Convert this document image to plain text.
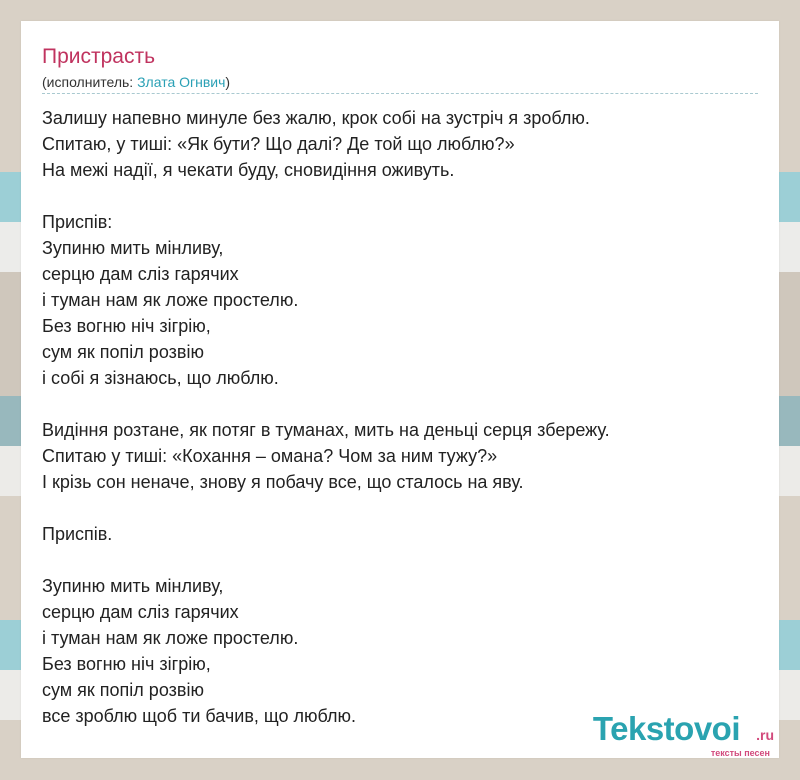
Пристрасть
(исполнитель: Злата Огнвич)
Залишу напевно минуле без жалю, крок собі на зустріч я зроблю.
Спитаю, у тиші: «Як бути? Що далі? Де той що люблю?»
На межі надії, я чекати буду, сновидіння оживуть.
Приспів:
Зупиню мить мінливу,
серцю дам сліз гарячих
і туман нам як ложе простелю.
Без вогню ніч зігрію,
сум як попіл розвію
і собі я зізнаюсь, що люблю.
Видіння розтане, як потяг в туманах, мить на деньці серця збережу.
Спитаю у тиші: «Кохання – омана? Чом за ним тужу?»
І крізь сон неначе, знову я побачу все, що сталось на яву.
Приспів.
Зупиню мить мінливу,
серцю дам сліз гарячих
і туман нам як ложе простелю.
Без вогню ніч зігрію,
сум як попіл розвію
все зроблю щоб ти бачив, що люблю.	Tekstovoi .ru
тексты песен
